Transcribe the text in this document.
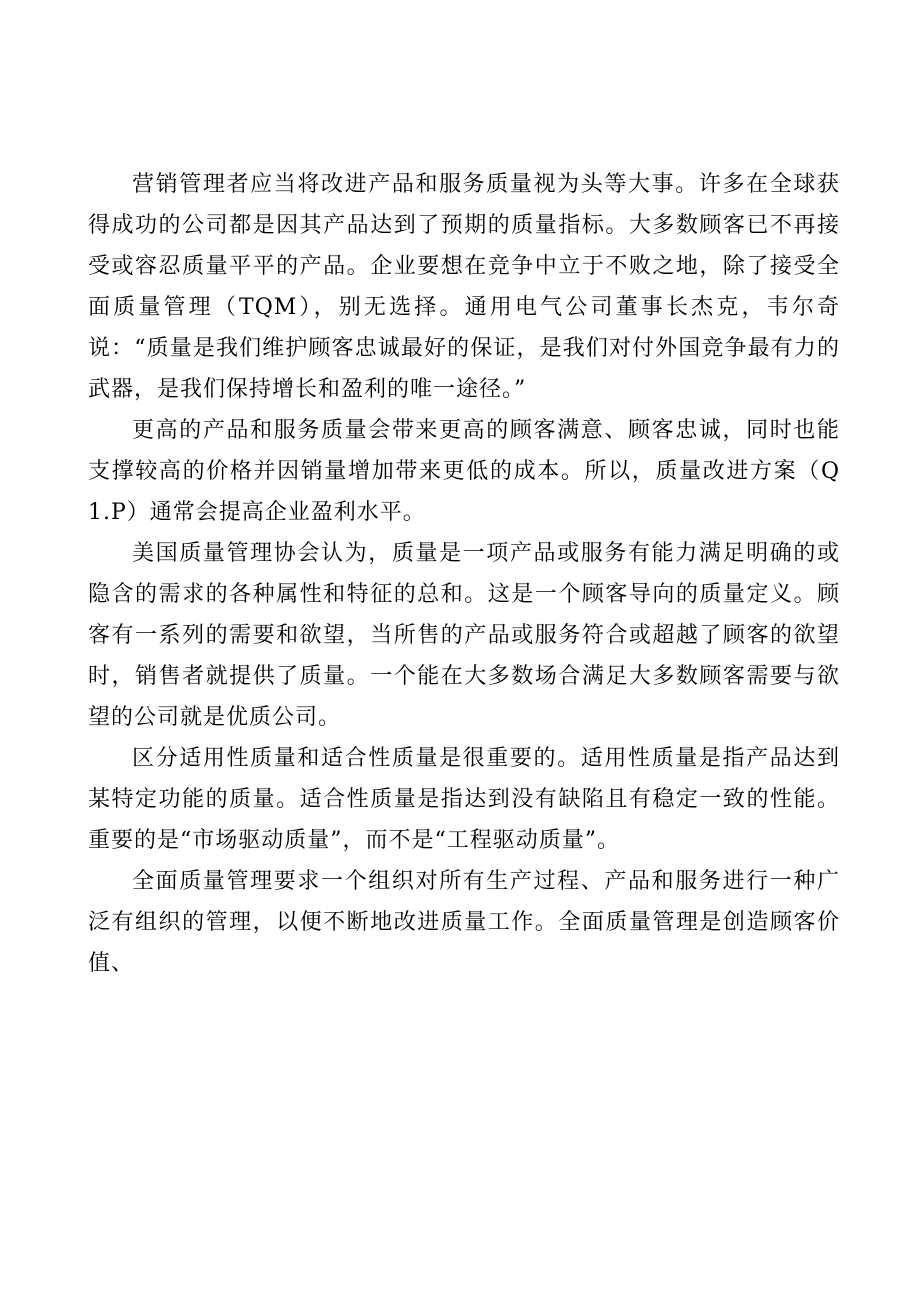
营销管理者应当将改进产品和服务质量视为头等大事。许多在全球获得成功的公司都是因其产品达到了预期的质量指标。大多数顾客已不再接受或容忍质量平平的产品。企业要想在竞争中立于不败之地，除了接受全面质量管理（TQM），别无选择。通用电气公司董事长杰克，韦尔奇说：“质量是我们维护顾客忠诚最好的保证，是我们对付外国竞争最有力的武器，是我们保持增长和盈利的唯一途径。”

更高的产品和服务质量会带来更高的顾客满意、顾客忠诚，同时也能支撑较高的价格并因销量增加带来更低的成本。所以，质量改进方案（Q1.P）通常会提高企业盈利水平。

美国质量管理协会认为，质量是一项产品或服务有能力满足明确的或隐含的需求的各种属性和特征的总和。这是一个顾客导向的质量定义。顾客有一系列的需要和欲望，当所售的产品或服务符合或超越了顾客的欲望时，销售者就提供了质量。一个能在大多数场合满足大多数顾客需要与欲望的公司就是优质公司。

区分适用性质量和适合性质量是很重要的。适用性质量是指产品达到某特定功能的质量。适合性质量是指达到没有缺陷且有稳定一致的性能。重要的是“市场驱动质量”，而不是“工程驱动质量”。

全面质量管理要求一个组织对所有生产过程、产品和服务进行一种广泛有组织的管理，以便不断地改进质量工作。全面质量管理是创造顾客价值、
